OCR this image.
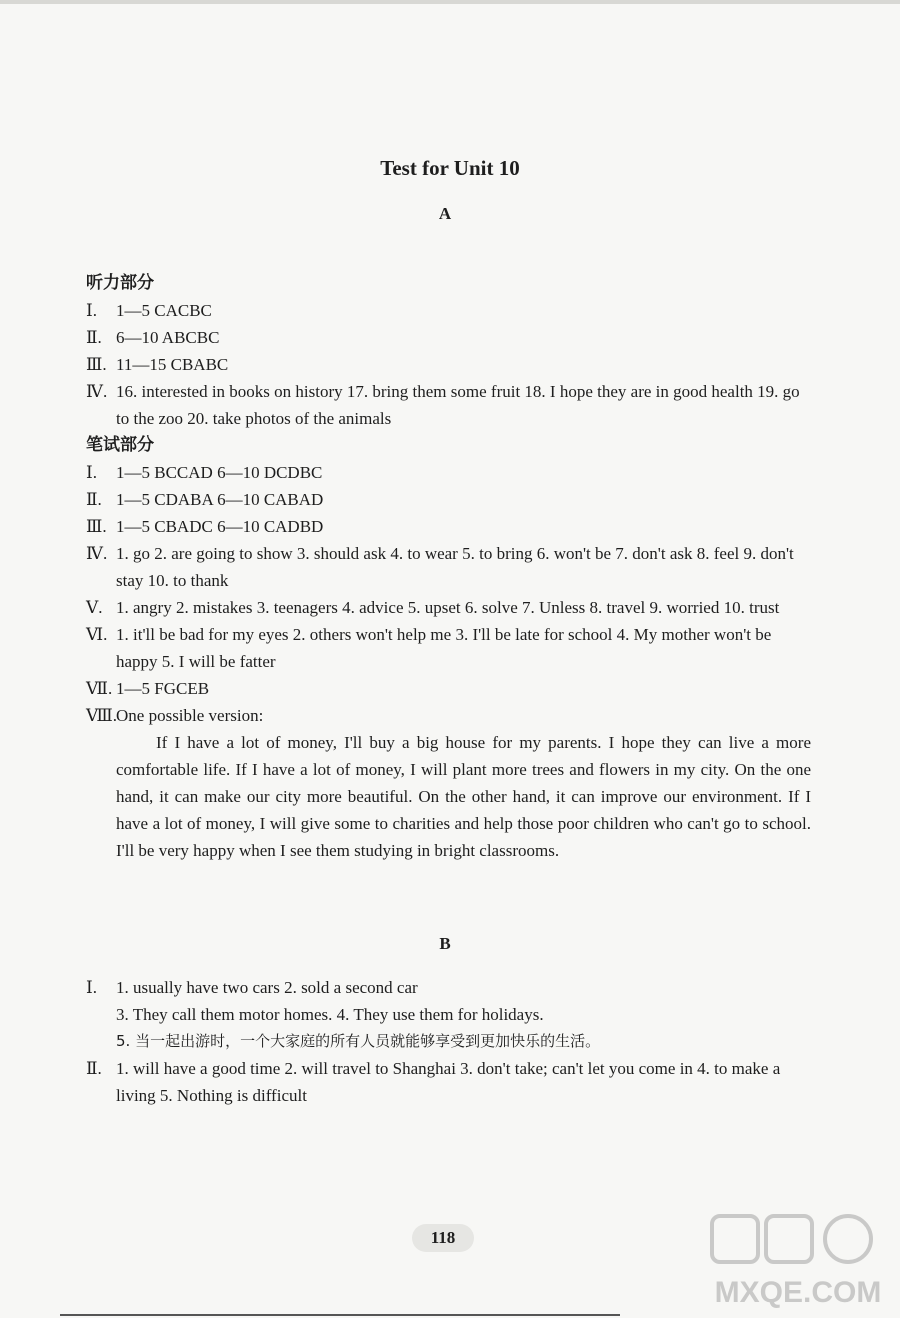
Test for Unit 10
A
听力部分
Ⅰ.	1—5 CACBC
Ⅱ. 6—10 ABCBC
Ⅲ. 11—15 CBABC
Ⅳ. 16. interested in books on history 17. bring them some fruit 18. I hope they are in good health 19. go to the zoo 20. take photos of the animals
笔试部分
Ⅰ.	1—5 BCCAD 6—10 DCDBC
Ⅱ. 1—5 CDABA 6—10 CABAD
Ⅲ. 1—5 CBADC 6—10 CADBD
Ⅳ. 1. go 2. are going to show 3. should ask 4. to wear 5. to bring 6. won't be 7. don't ask 8. feel 9. don't stay 10. to thank
Ⅴ. 1. angry 2. mistakes 3. teenagers 4. advice 5. upset 6. solve 7. Unless 8. travel 9. worried 10. trust
Ⅵ. 1. it'll be bad for my eyes 2. others won't help me 3. I'll be late for school 4. My mother won't be happy 5. I will be fatter
Ⅶ. 1—5 FGCEB
Ⅷ.
One possible version:
If I have a lot of money, I'll buy a big house for my parents. I hope they can live a more comfortable life. If I have a lot of money, I will plant more trees and flowers in my city. On the one hand, it can make our city more beautiful. On the other hand, it can improve our environment. If I have a lot of money, I will give some to charities and help those poor children who can't go to school. I'll be very happy when I see them studying in bright classrooms.
B
Ⅰ.	1. usually have two cars 2. sold a second car
3. They call them motor homes. 4. They use them for holidays.
5. 当一起出游时，一个大家庭的所有人员就能够享受到更加快乐的生活。
Ⅱ. 1. will have a good time 2. will travel to Shanghai 3. don't take; can't let you come in 4. to make a living 5. Nothing is difficult
118
MXQE.COM
